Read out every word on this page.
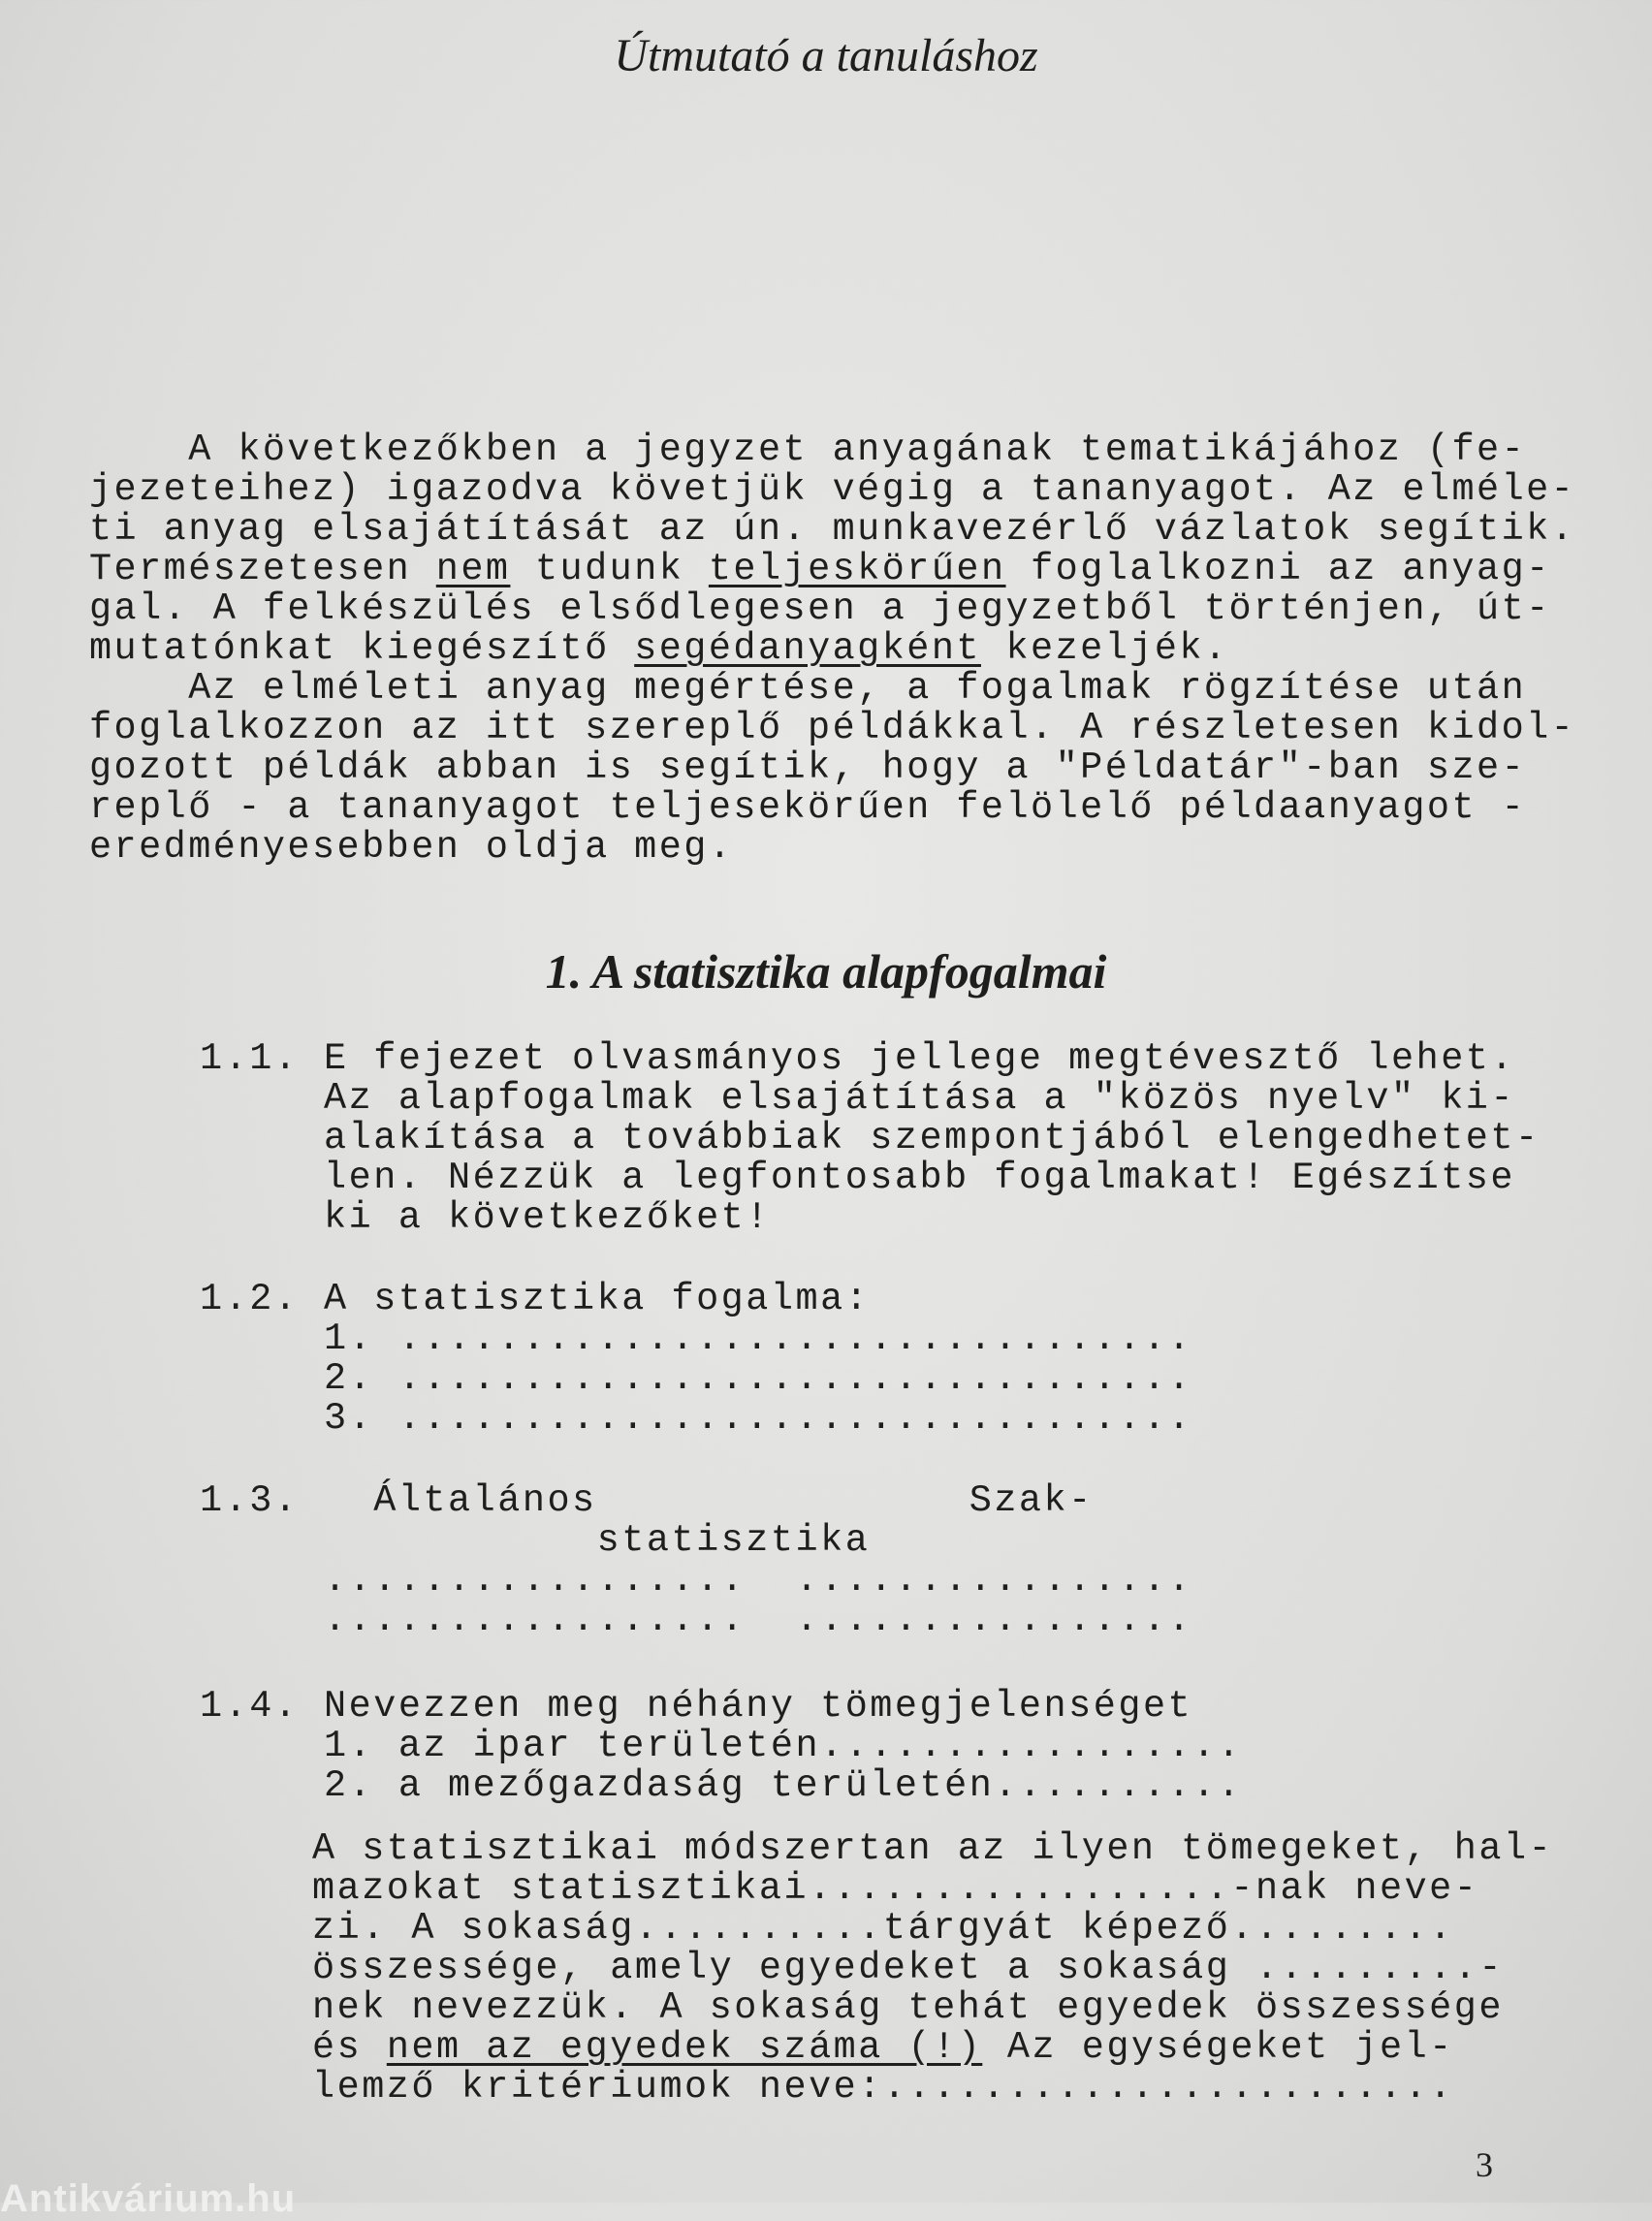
Útmutató a tanuláshoz
A következőkben a jegyzet anyagának tematikájához (fe-
jezeteihez) igazodva követjük végig a tananyagot. Az elméle-
ti anyag elsajátítását az ún. munkavezérlő vázlatok segítik.
Természetesen nem tudunk teljeskörűen foglalkozni az anyag-
gal. A felkészülés elsődlegesen a jegyzetből történjen, út-
mutatónkat kiegészítő segédanyagként kezeljék.
Az elméleti anyag megértése, a fogalmak rögzítése után
foglalkozzon az itt szereplő példákkal. A részletesen kidol-
gozott példák abban is segítik, hogy a "Példatár"-ban sze-
replő - a tananyagot teljesekörűen felölelő példaanyagot -
eredményesebben oldja meg.
1. A statisztika alapfogalmai
1.1. E fejezet olvasmányos jellege megtévesztő lehet.
Az alapfogalmak elsajátítása a "közös nyelv" ki-
alakítása a továbbiak szempontjából elengedhetet-
len. Nézzük a legfontosabb fogalmakat! Egészítse
ki a következőket!
1.2. A statisztika fogalma:
1. ................................
2. ................................
3. ................................
1.3.   Általános               Szak-
statisztika
.................  ................
.................  ................
1.4. Nevezzen meg néhány tömegjelenséget
1. az ipar területén.................
2. a mezőgazdaság területén..........
A statisztikai módszertan az ilyen tömegeket, hal-
mazokat statisztikai.................-nak neve-
zi. A sokaság..........tárgyát képező.........
összessége, amely egyedeket a sokaság .........-
nek nevezzük. A sokaság tehát egyedek összessége
és nem az egyedek száma (!) Az egységeket jel-
lemző kritériumok neve:.......................
3
Antikvárium.hu
